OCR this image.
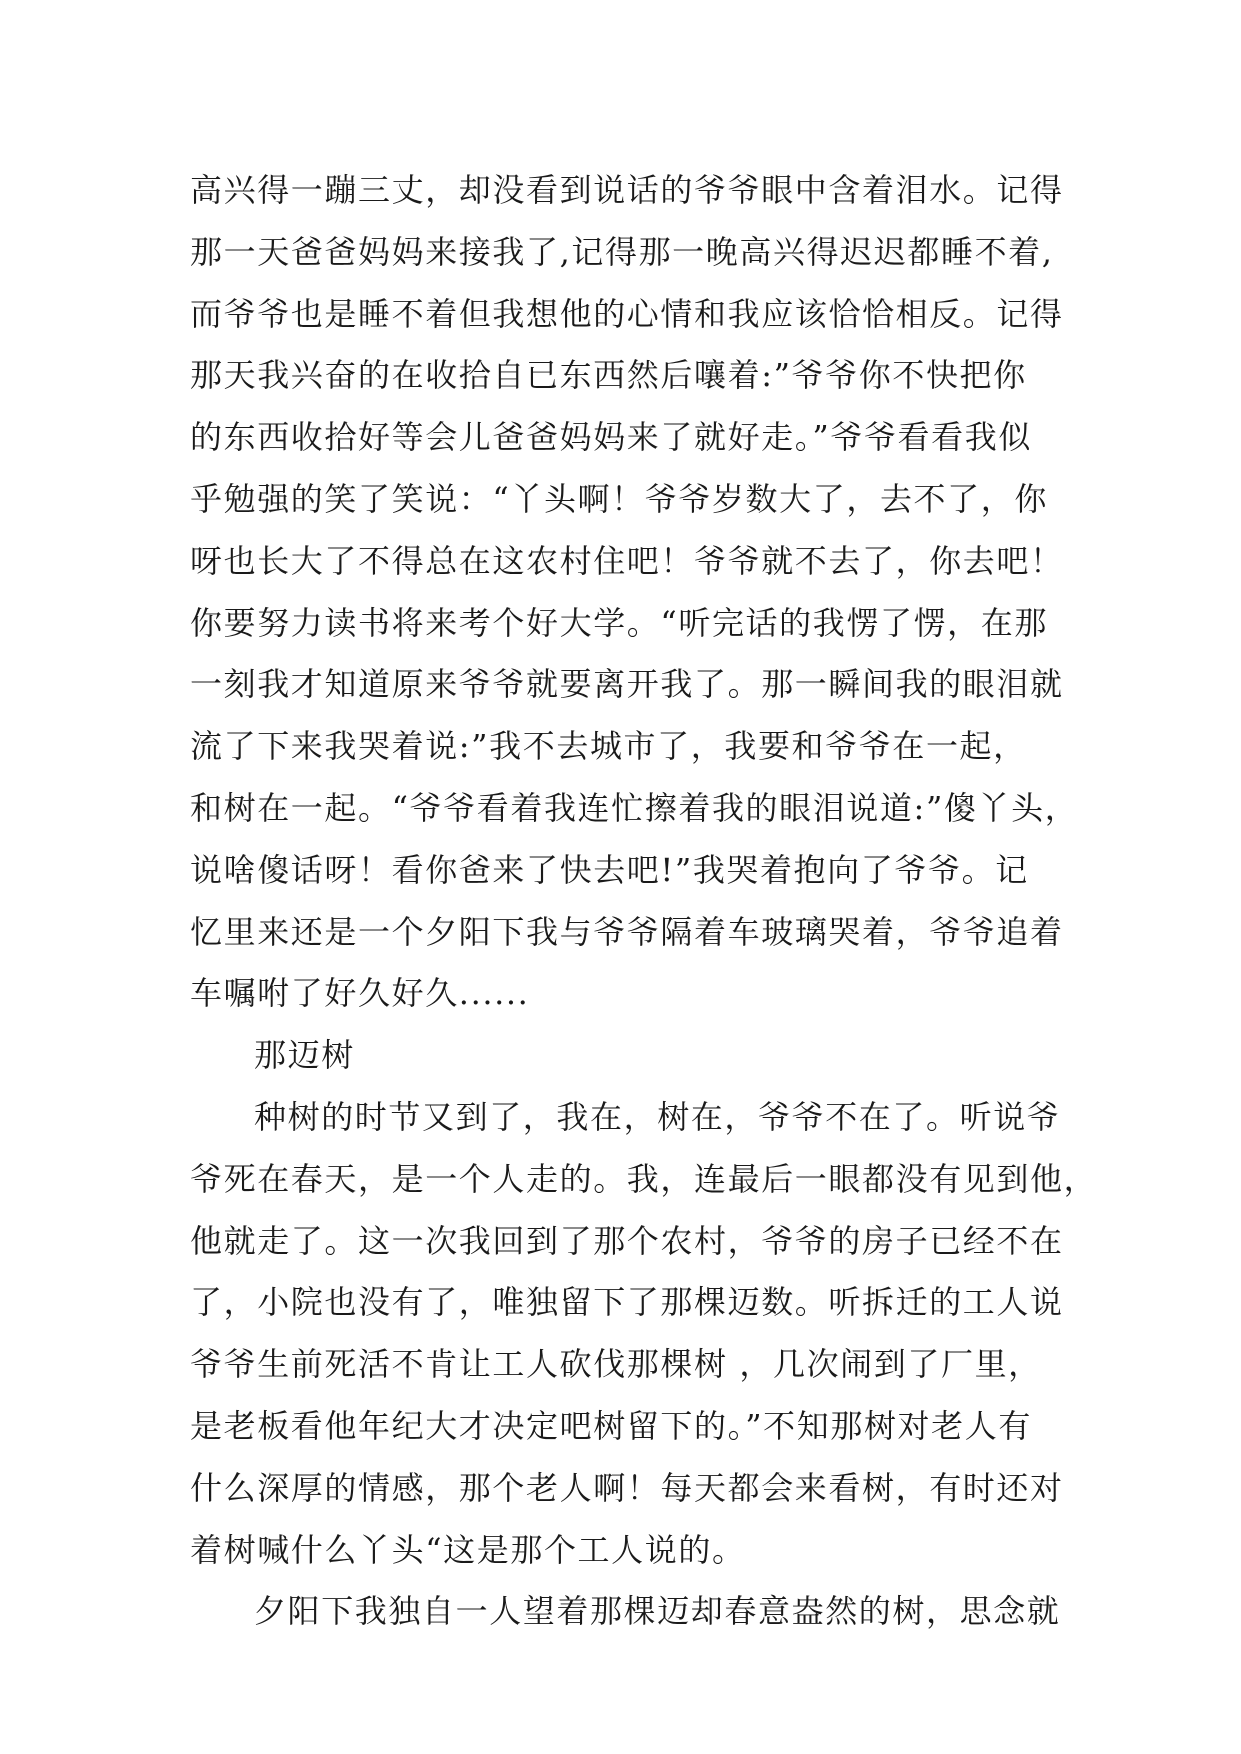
高兴得一蹦三丈，却没看到说话的爷爷眼中含着泪水。记得
那一天爸爸妈妈来接我了,记得那一晚高兴得迟迟都睡不着,
而爷爷也是睡不着但我想他的心情和我应该恰恰相反。记得
那天我兴奋的在收拾自已东西然后嚷着:”爷爷你不快把你
的东西收拾好等会儿爸爸妈妈来了就好走。”爷爷看看我似
乎勉强的笑了笑说：“丫头啊！爷爷岁数大了，去不了，你
呀也长大了不得总在这农村住吧！爷爷就不去了，你去吧！
你要努力读书将来考个好大学。“听完话的我愣了愣，在那
一刻我才知道原来爷爷就要离开我了。那一瞬间我的眼泪就
流了下来我哭着说:”我不去城市了，我要和爷爷在一起，
和树在一起。“爷爷看着我连忙擦着我的眼泪说道:”傻丫头，
说啥傻话呀！看你爸来了快去吧!”我哭着抱向了爷爷。记
忆里来还是一个夕阳下我与爷爷隔着车玻璃哭着，爷爷追着
车嘱咐了好久好久......
那迈树
种树的时节又到了，我在，树在，爷爷不在了。听说爷
爷死在春天，是一个人走的。我，连最后一眼都没有见到他，
他就走了。这一次我回到了那个农村，爷爷的房子已经不在
了，小院也没有了，唯独留下了那棵迈数。听拆迁的工人说
爷爷生前死活不肯让工人砍伐那棵树 ，几次闹到了厂里，
是老板看他年纪大才决定吧树留下的。”不知那树对老人有
什么深厚的情感，那个老人啊！每天都会来看树，有时还对
着树喊什么丫头“这是那个工人说的。
夕阳下我独自一人望着那棵迈却春意盎然的树，思念就
